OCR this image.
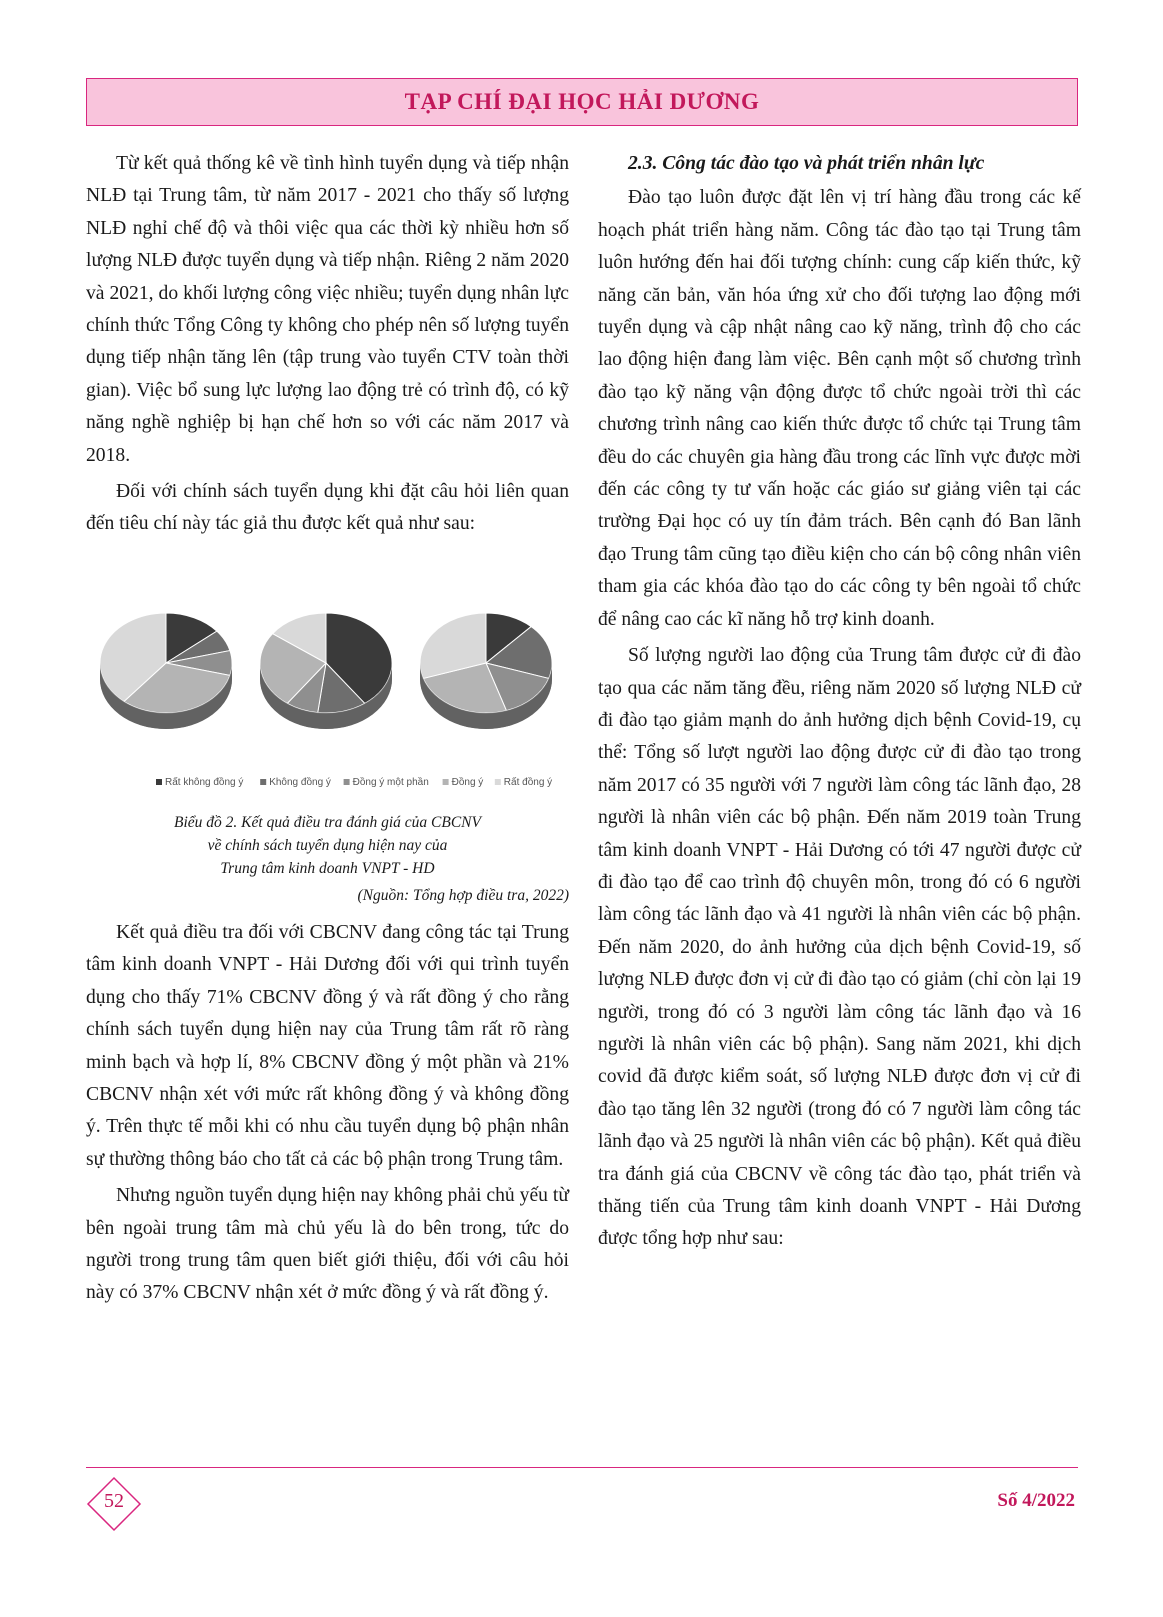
TẠP CHÍ ĐẠI HỌC HẢI DƯƠNG

Từ kết quả thống kê về tình hình tuyển dụng và tiếp nhận NLĐ tại Trung tâm, từ năm 2017 - 2021 cho thấy số lượng NLĐ nghỉ chế độ và thôi việc qua các thời kỳ nhiều hơn số lượng NLĐ được tuyển dụng và tiếp nhận. Riêng 2 năm 2020 và 2021, do khối lượng công việc nhiều; tuyển dụng nhân lực chính thức Tổng Công ty không cho phép nên số lượng tuyển dụng tiếp nhận tăng lên (tập trung vào tuyển CTV toàn thời gian). Việc bổ sung lực lượng lao động trẻ có trình độ, có kỹ năng nghề nghiệp bị hạn chế hơn so với các năm 2017 và 2018.

Đối với chính sách tuyển dụng khi đặt câu hỏi liên quan đến tiêu chí này tác giả thu được kết quả như sau:

Rất không đồng ý	Không đồng ý Đồng ý một phần Đồng ý Rất đồng ý
Biểu đồ 2. Kết quả điều tra đánh giá của CBCNV
về chính sách tuyển dụng hiện nay của
Trung tâm kinh doanh VNPT - HD
(Nguồn: Tổng hợp điều tra, 2022)

Kết quả điều tra đối với CBCNV đang công tác tại Trung tâm kinh doanh VNPT - Hải Dương đối với qui trình tuyển dụng cho thấy 71% CBCNV đồng ý và rất đồng ý cho rằng chính sách tuyển dụng hiện nay của Trung tâm rất rõ ràng minh bạch và hợp lí, 8% CBCNV đồng ý một phần và 21% CBCNV nhận xét với mức rất không đồng ý và không đồng ý. Trên thực tế mỗi khi có nhu cầu tuyển dụng bộ phận nhân sự thường thông báo cho tất cả các bộ phận trong Trung tâm.

Nhưng nguồn tuyển dụng hiện nay không phải chủ yếu từ bên ngoài trung tâm mà chủ yếu là do bên trong, tức do người trong trung tâm quen biết giới thiệu, đối với câu hỏi này có 37% CBCNV nhận xét ở mức đồng ý và rất đồng ý.

2.3. Công tác đào tạo và phát triển nhân lực

Đào tạo luôn được đặt lên vị trí hàng đầu trong các kế hoạch phát triển hàng năm. Công tác đào tạo tại Trung tâm luôn hướng đến hai đối tượng chính: cung cấp kiến thức, kỹ năng căn bản, văn hóa ứng xử cho đối tượng lao động mới tuyển dụng và cập nhật nâng cao kỹ năng, trình độ cho các lao động hiện đang làm việc. Bên cạnh một số chương trình đào tạo kỹ năng vận động được tổ chức ngoài trời thì các chương trình nâng cao kiến thức được tổ chức tại Trung tâm đều do các chuyên gia hàng đầu trong các lĩnh vực được mời đến các công ty tư vấn hoặc các giáo sư giảng viên tại các trường Đại học có uy tín đảm trách. Bên cạnh đó Ban lãnh đạo Trung tâm cũng tạo điều kiện cho cán bộ công nhân viên tham gia các khóa đào tạo do các công ty bên ngoài tổ chức để nâng cao các kĩ năng hỗ trợ kinh doanh.

Số lượng người lao động của Trung tâm được cử đi đào tạo qua các năm tăng đều, riêng năm 2020 số lượng NLĐ cử đi đào tạo giảm mạnh do ảnh hưởng dịch bệnh Covid-19, cụ thể: Tổng số lượt người lao động được cử đi đào tạo trong năm 2017 có 35 người với 7 người làm công tác lãnh đạo, 28 người là nhân viên các bộ phận. Đến năm 2019 toàn Trung tâm kinh doanh VNPT - Hải Dương có tới 47 người được cử đi đào tạo để cao trình độ chuyên môn, trong đó có 6 người làm công tác lãnh đạo và 41 người là nhân viên các bộ phận. Đến năm 2020, do ảnh hưởng của dịch bệnh Covid-19, số lượng NLĐ được đơn vị cử đi đào tạo có giảm (chỉ còn lại 19 người, trong đó có 3 người làm công tác lãnh đạo và 16 người là nhân viên các bộ phận). Sang năm 2021, khi dịch covid đã được kiểm soát, số lượng NLĐ được đơn vị cử đi đào tạo tăng lên 32 người (trong đó có 7 người làm công tác lãnh đạo và 25 người là nhân viên các bộ phận). Kết quả điều tra đánh giá của CBCNV về công tác đào tạo, phát triển và thăng tiến của Trung tâm kinh doanh VNPT - Hải Dương được tổng hợp như sau:

52	Số 4/2022
